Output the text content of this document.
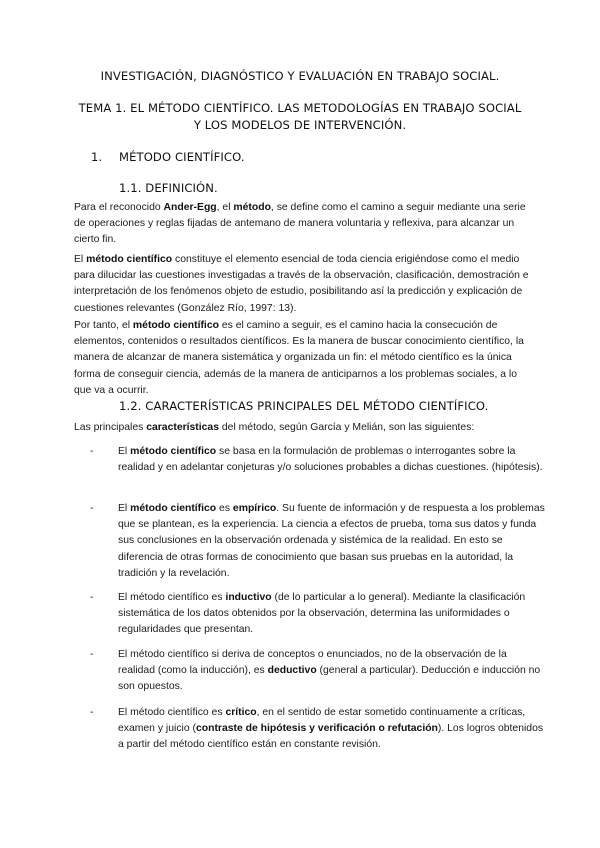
INVESTIGACIÓN, DIAGNÓSTICO Y EVALUACIÓN EN TRABAJO SOCIAL.
TEMA 1. EL MÉTODO CIENTÍFICO. LAS METODOLOGÍAS EN TRABAJO SOCIAL
Y LOS MODELOS DE INTERVENCIÓN.
1. MÉTODO CIENTÍFICO.
1.1. DEFINICIÓN.

Para el reconocido Ander-Egg, el método, se define como el camino a seguir mediante una serie de operaciones y reglas fijadas de antemano de manera voluntaria y reflexiva, para alcanzar un cierto fin.

El método científico constituye el elemento esencial de toda ciencia erigiéndose como el medio para dilucidar las cuestiones investigadas a través de la observación, clasificación, demostración e interpretación de los fenómenos objeto de estudio, posibilitando así la predicción y explicación de cuestiones relevantes (González Río, 1997: 13).

Por tanto, el método científico es el camino a seguir, es el camino hacia la consecución de elementos, contenidos o resultados científicos. Es la manera de buscar conocimiento científico, la manera de alcanzar de manera sistemática y organizada un fin: el método científico es la única forma de conseguir ciencia, además de la manera de anticiparnos a los problemas sociales, a lo que va a ocurrir.

1.2. CARACTERÍSTICAS PRINCIPALES DEL MÉTODO CIENTÍFICO.

Las principales características del método, según García y Melián, son las siguientes:

- El método científico se basa en la formulación de problemas o interrogantes sobre la realidad y en adelantar conjeturas y/o soluciones probables a dichas cuestiones. (hipótesis).
- El método científico es empírico. Su fuente de información y de respuesta a los problemas que se plantean, es la experiencia. La ciencia a efectos de prueba, toma sus datos y funda sus conclusiones en la observación ordenada y sistémica de la realidad. En esto se diferencia de otras formas de conocimiento que basan sus pruebas en la autoridad, la tradición y la revelación.
- El método científico es inductivo (de lo particular a lo general). Mediante la clasificación sistemática de los datos obtenidos por la observación, determina las uniformidades o regularidades que presentan.
- El método científico si deriva de conceptos o enunciados, no de la observación de la realidad (como la inducción), es deductivo (general a particular). Deducción e inducción no son opuestos.
- El método científico es crítico, en el sentido de estar sometido continuamente a críticas, examen y juicio (contraste de hipótesis y verificación o refutación). Los logros obtenidos a partir del método científico están en constante revisión.
